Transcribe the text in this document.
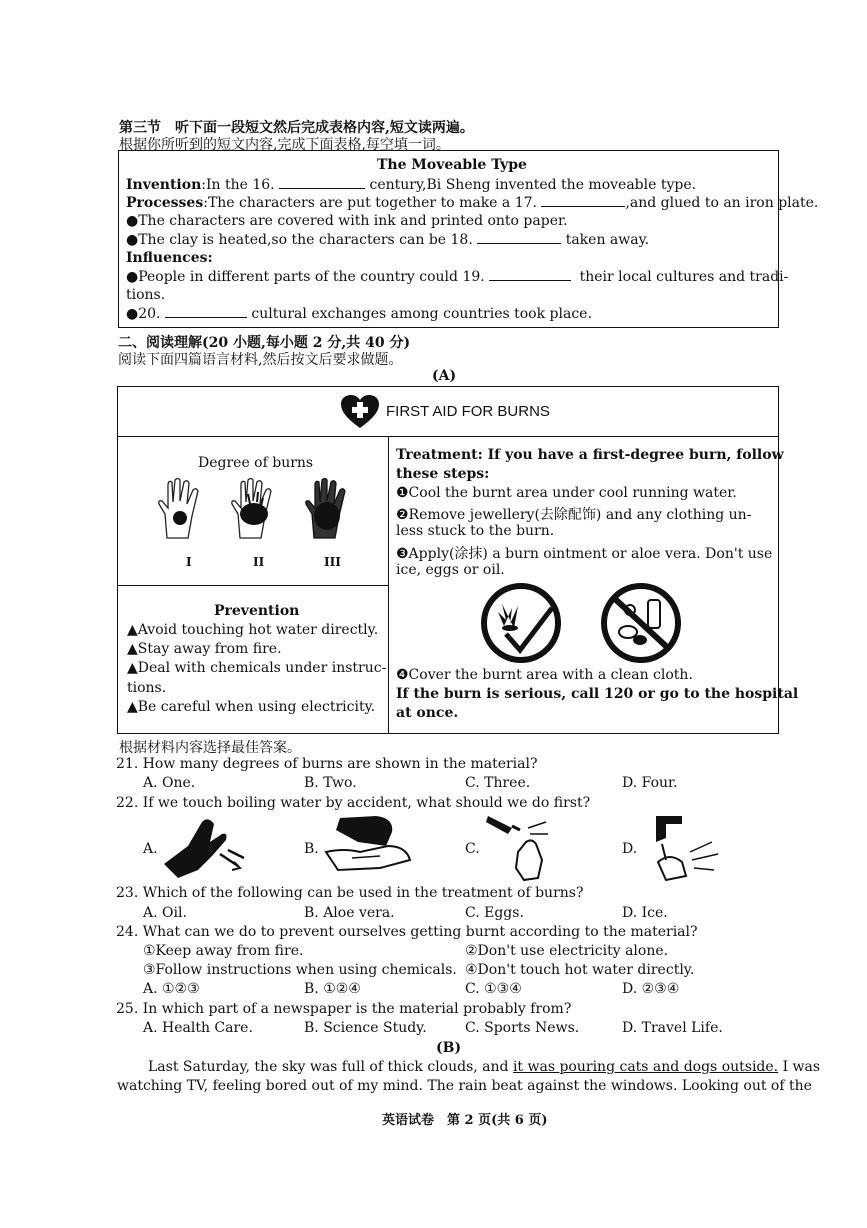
第三节　听下面一段短文然后完成表格内容,短文读两遍。
根据你所听到的短文内容,完成下面表格,每空填一词。
The Moveable Type
Invention:In the 16.	century,Bi Sheng invented the moveable type.
Processes:The characters are put together to make a 17.	,and glued to an iron plate.
●The characters are covered with ink and printed onto paper.
●The clay is heated,so the characters can be 18.	taken away.
Influences:
●People in different parts of the country could 19.	their local cultures and tradi-
tions.
●20.	cultural exchanges among countries took place.
二、阅读理解(20 小题,每小题 2 分,共 40 分)
阅读下面四篇语言材料,然后按文后要求做题。
(A)
FIRST AID FOR BURNS
Degree of burns
I	II	III
Prevention
▲Avoid touching hot water directly.
▲Stay away from fire.
▲Deal with chemicals under instruc-
tions.
▲Be careful when using electricity.
Treatment: If you have a first-degree burn, follow
these steps:
❶Cool the burnt area under cool running water.
❷Remove jewellery(去除配饰) and any clothing un-
less stuck to the burn.
❸Apply(涂抹) a burn ointment or aloe vera. Don't use
ice, eggs or oil.
❹Cover the burnt area with a clean cloth.
If the burn is serious, call 120 or go to the hospital
at once.
根据材料内容选择最佳答案。
21. How many degrees of burns are shown in the material?
A. One.	B. Two.	C. Three.	D. Four.
22. If we touch boiling water by accident, what should we do first?
A.	B.	C.	D.
23. Which of the following can be used in the treatment of burns?
A. Oil.	B. Aloe vera.	C. Eggs.	D. Ice.
24. What can we do to prevent ourselves getting burnt according to the material?
①Keep away from fire.	②Don't use electricity alone.
③Follow instructions when using chemicals. ④Don't touch hot water directly.
A. ①②③	B. ①②④	C. ①③④	D. ②③④
25. In which part of a newspaper is the material probably from?
A. Health Care.	B. Science Study.	C. Sports News.	D. Travel Life.
(B)
Last Saturday, the sky was full of thick clouds, and it was pouring cats and dogs outside. I was
watching TV, feeling bored out of my mind. The rain beat against the windows. Looking out of the
英语试卷　第 2 页(共 6 页)
